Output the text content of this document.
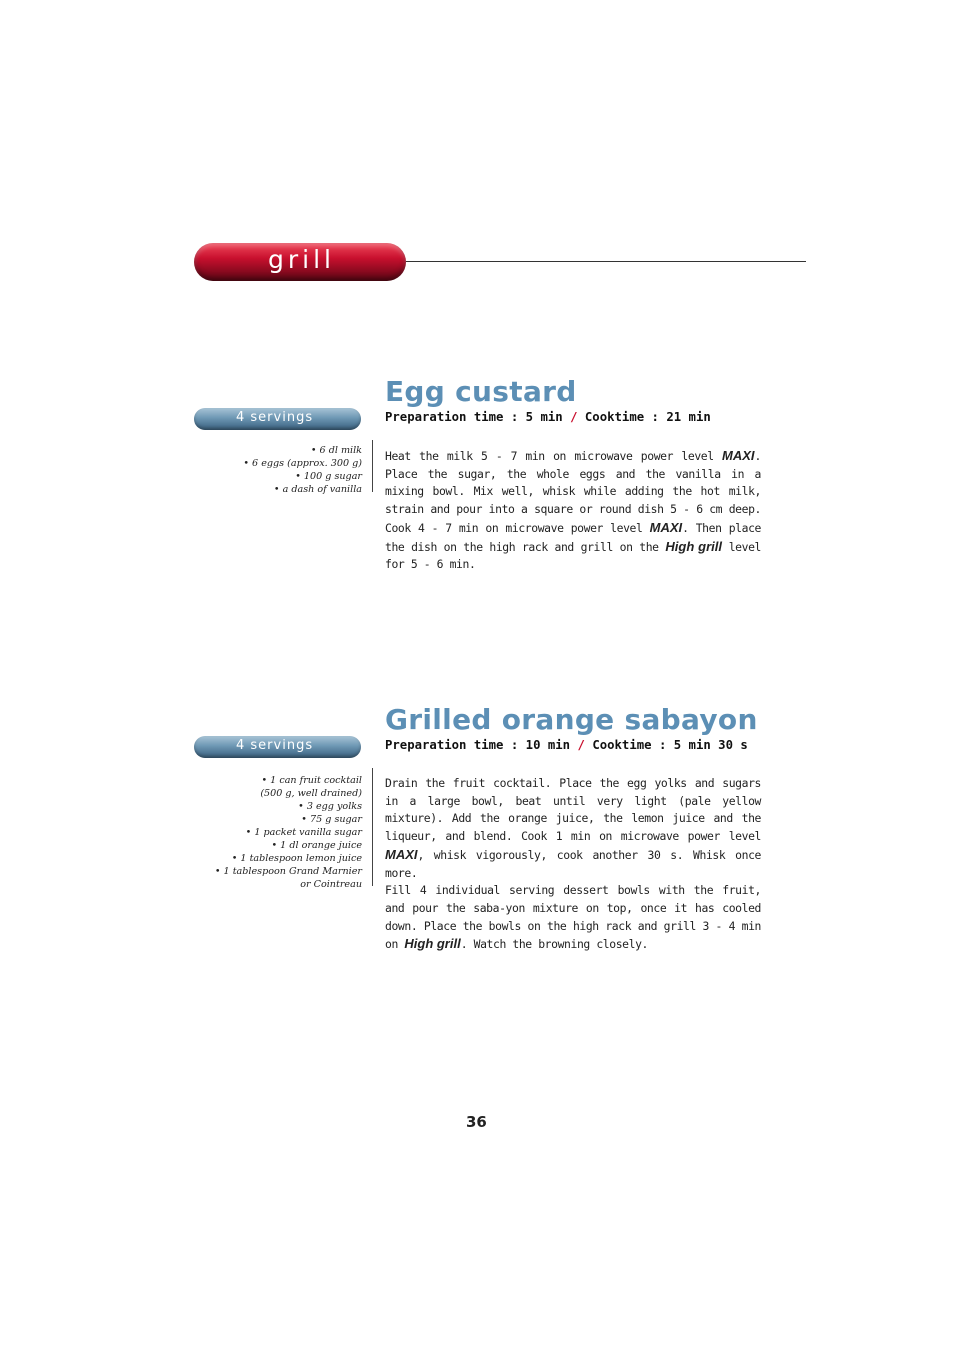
grill
4 servings
• 6 dl milk
• 6 eggs (approx. 300 g)
• 100 g sugar
• a dash of vanilla
Egg custard

Preparation time : 5 min / Cooktime : 21 min

Heat the milk 5 - 7 min on microwave power level MAXI. Place the sugar, the whole eggs and the vanilla in a mixing bowl. Mix well, whisk while adding the hot milk, strain and pour into a square or round dish 5 - 6 cm deep. Cook 4 - 7 min on microwave power level MAXI. Then place the dish on the high rack and grill on the High grill level for 5 - 6 min.

4 servings
• 1 can fruit cocktail
(500 g, well drained)
• 3 egg yolks
• 75 g sugar
• 1 packet vanilla sugar
• 1 dl orange juice
• 1 tablespoon lemon juice
• 1 tablespoon Grand Marnier
or Cointreau
Grilled orange sabayon

Preparation time : 10 min / Cooktime : 5 min 30 s

Drain the fruit cocktail. Place the egg yolks and sugars in a large bowl, beat until very light (pale yellow mixture). Add the orange juice, the lemon juice and the liqueur, and blend. Cook 1 min on microwave power level MAXI, whisk vigorously, cook another 30 s. Whisk once more.
Fill 4 individual serving dessert bowls with the fruit, and pour the saba-yon mixture on top, once it has cooled down. Place the bowls on the high rack and grill 3 - 4 min on High grill. Watch the browning closely.

36
